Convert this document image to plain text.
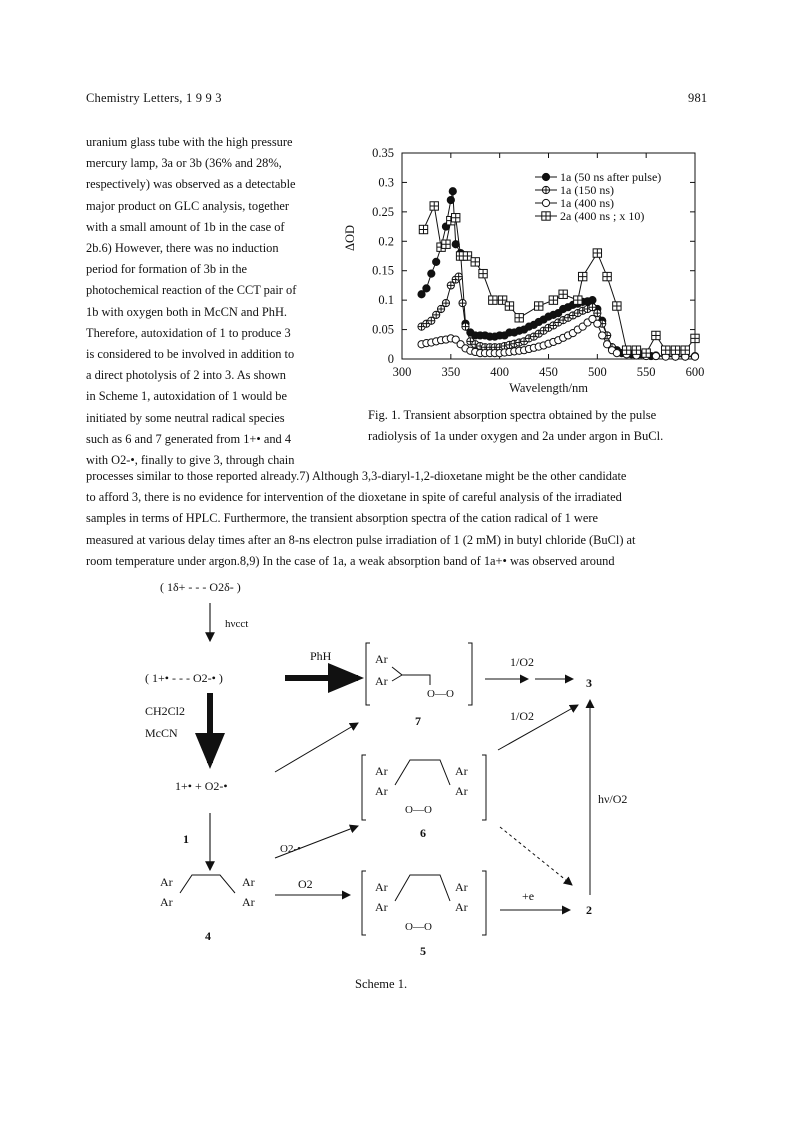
Chemistry Letters, 1 9 9 3	981
uranium glass tube with the high pressure
mercury lamp, 3a or 3b (36% and 28%,
respectively) was observed as a detectable
major product on GLC analysis, together
with a small amount of 1b in the case of
2b.6) However, there was no induction
period for formation of 3b in the
photochemical reaction of the CCT pair of
1b with oxygen both in McCN and PhH.
Therefore, autoxidation of 1 to produce 3
is considered to be involved in addition to
a direct photolysis of 2 into 3. As shown
in Scheme 1, autoxidation of 1 would be
initiated by some neutral radical species
such as 6 and 7 generated from 1+• and 4
with O2-•, finally to give 3, through chain
300 350 400 450 500 550 600
0
0.05
0.1
0.15
0.2
0.25
0.3
0.35
Wavelength/nm
ΔOD
1a (50 ns after pulse)
1a (150 ns)
1a (400 ns)
2a (400 ns ; x 10)
Fig. 1. Transient absorption spectra obtained by the pulse
radiolysis of 1a under oxygen and 2a under argon in BuCl.
processes similar to those reported already.7) Although 3,3-diaryl-1,2-dioxetane might be the other candidate
to afford 3, there is no evidence for intervention of the dioxetane in spite of careful analysis of the irradiated
samples in terms of HPLC. Furthermore, the transient absorption spectra of the cation radical of 1 were
measured at various delay times after an 8-ns electron pulse irradiation of 1 (2 mM) in butyl chloride (BuCl) at
room temperature under argon.8,9) In the case of 1a, a weak absorption band of 1a+• was observed around
( 1δ+ - - - O2δ- )
hνcct
( 1+• - - - O2-• )
PhH
CH2Cl2
McCN
1+• + O2-•
1
O2-•
Ar
Ar
O—O
7
1/O2
3
Ar
Ar
Ar
Ar
O—O
6
1/O2
Ar
Ar
Ar
Ar
4
O2	Ar
Ar
Ar
Ar
O—O
5
+e
2
hν/O2
Scheme 1.
